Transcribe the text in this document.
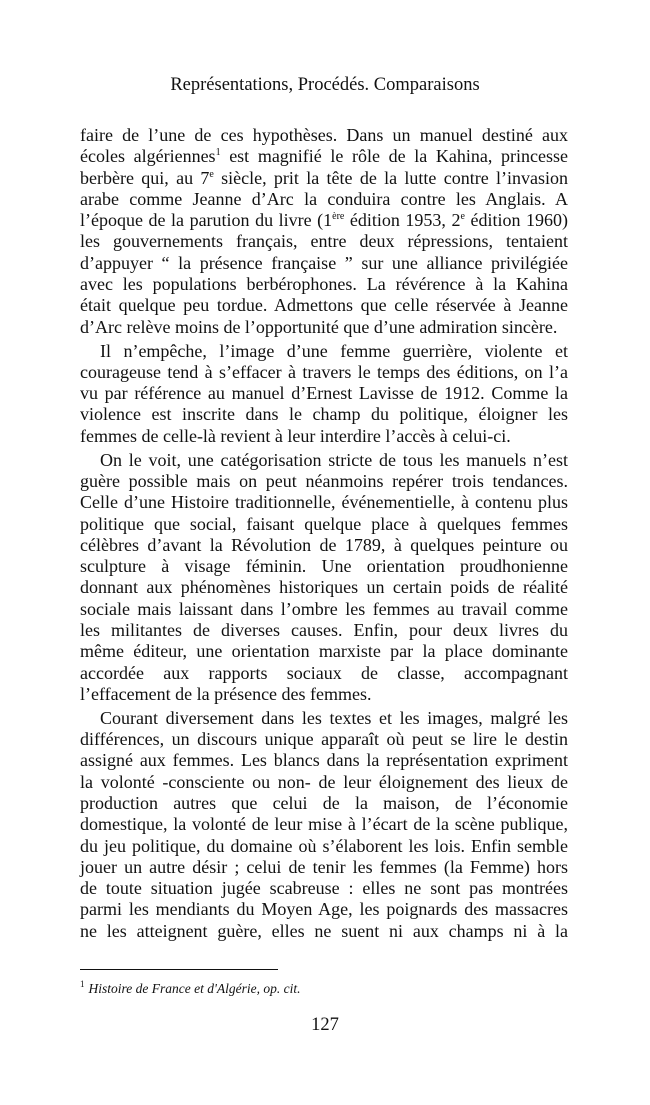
Représentations, Procédés. Comparaisons
faire de l’une de ces hypothèses. Dans un manuel destiné aux
écoles algériennes$^1$ est magnifié le rôle de la Kahina, princesse
berbère qui, au 7e siècle, prit la tête de la lutte contre l’invasion
arabe comme Jeanne d’Arc la conduira contre les Anglais. A
l’époque de la parution du livre (1ère édition 1953, 2e édition 1960)
les gouvernements français, entre deux répressions, tentaient
d’appuyer “ la présence française ” sur une alliance privilégiée
avec les populations berbérophones. La révérence à la Kahina
était quelque peu tordue. Admettons que celle réservée à Jeanne
d’Arc relève moins de l’opportunité que d’une admiration sincère.
Il n’empêche, l’image d’une femme guerrière, violente et
courageuse tend à s’effacer à travers le temps des éditions, on l’a
vu par référence au manuel d’Ernest Lavisse de 1912. Comme la
violence est inscrite dans le champ du politique, éloigner les
femmes de celle-là revient à leur interdire l’accès à celui-ci.
On le voit, une catégorisation stricte de tous les manuels n’est
guère possible mais on peut néanmoins repérer trois tendances.
Celle d’une Histoire traditionnelle, événementielle, à contenu plus
politique que social, faisant quelque place à quelques femmes
célèbres d’avant la Révolution de 1789, à quelques peinture ou
sculpture à visage féminin. Une orientation proudhonienne
donnant aux phénomènes historiques un certain poids de réalité
sociale mais laissant dans l’ombre les femmes au travail comme
les militantes de diverses causes. Enfin, pour deux livres du
même éditeur, une orientation marxiste par la place dominante
accordée aux rapports sociaux de classe, accompagnant
l’effacement de la présence des femmes.
Courant diversement dans les textes et les images, malgré les
différences, un discours unique apparaît où peut se lire le destin
assigné aux femmes. Les blancs dans la représentation expriment
la volonté -consciente ou non- de leur éloignement des lieux de
production autres que celui de la maison, de l’économie
domestique, la volonté de leur mise à l’écart de la scène publique,
du jeu politique, du domaine où s’élaborent les lois. Enfin semble
jouer un autre désir ; celui de tenir les femmes (la Femme) hors
de toute situation jugée scabreuse : elles ne sont pas montrées
parmi les mendiants du Moyen Age, les poignards des massacres
ne les atteignent guère, elles ne suent ni aux champs ni à la
$^1$ Histoire de France et d'Algérie, op. cit.
127
